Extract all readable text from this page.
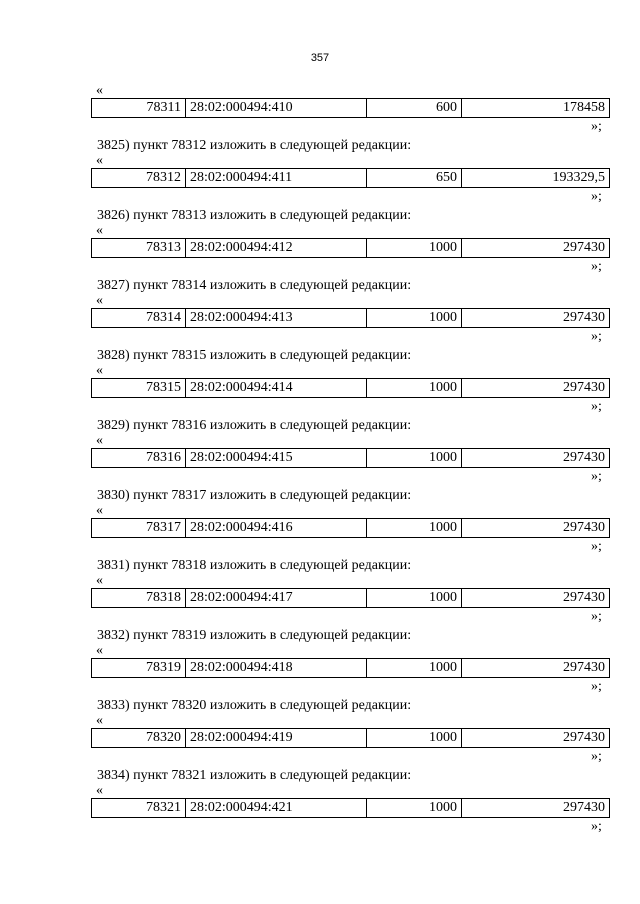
357
«
78311	28:02:000494:410	600	178458
»;
3825) пункт 78312 изложить в следующей редакции:
«
78312	28:02:000494:411	650	193329,5
»;
3826) пункт 78313 изложить в следующей редакции:
«
78313	28:02:000494:412	1000	297430
»;
3827) пункт 78314 изложить в следующей редакции:
«
78314	28:02:000494:413	1000	297430
»;
3828) пункт 78315 изложить в следующей редакции:
«
78315	28:02:000494:414	1000	297430
»;
3829) пункт 78316 изложить в следующей редакции:
«
78316	28:02:000494:415	1000	297430
»;
3830) пункт 78317 изложить в следующей редакции:
«
78317	28:02:000494:416	1000	297430
»;
3831) пункт 78318 изложить в следующей редакции:
«
78318	28:02:000494:417	1000	297430
»;
3832) пункт 78319 изложить в следующей редакции:
«
78319	28:02:000494:418	1000	297430
»;
3833) пункт 78320 изложить в следующей редакции:
«
78320	28:02:000494:419	1000	297430
»;
3834) пункт 78321 изложить в следующей редакции:
«
78321	28:02:000494:421	1000	297430
»;
